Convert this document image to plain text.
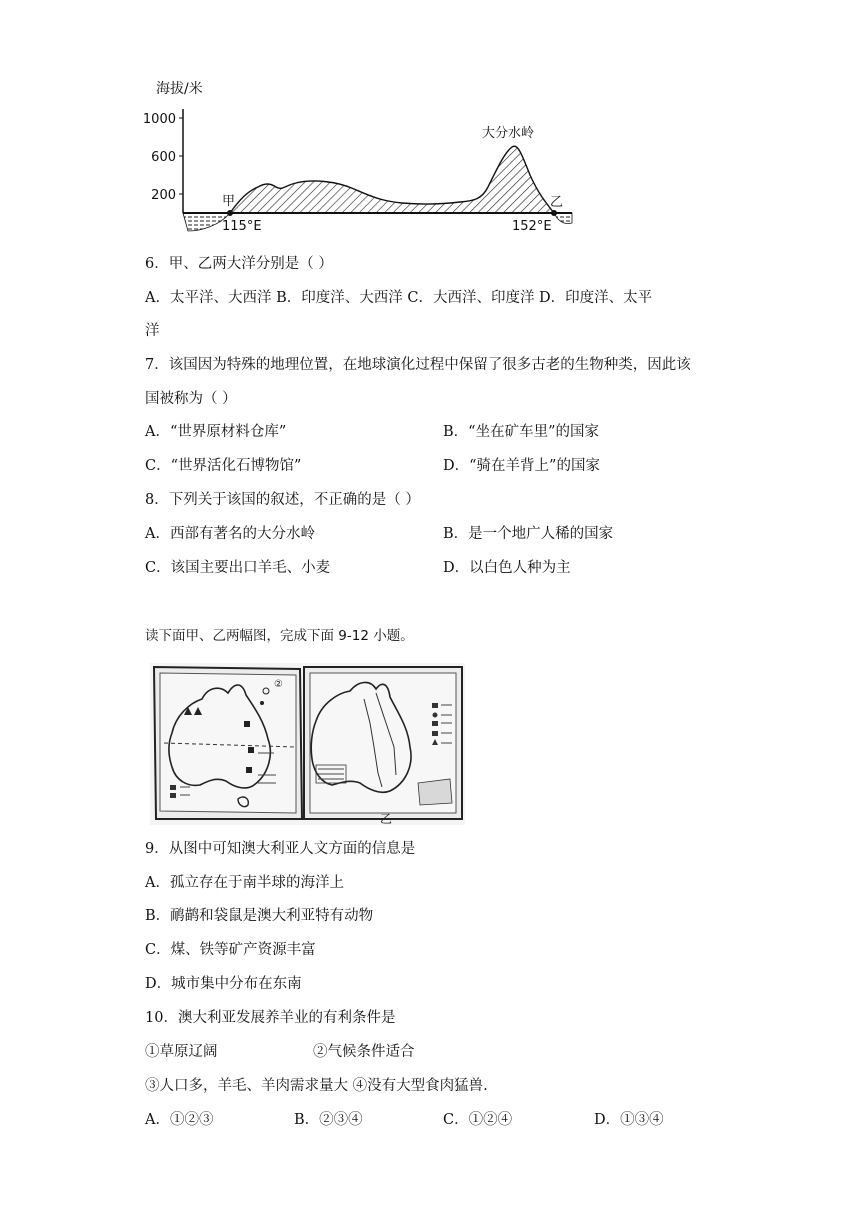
海拔/米
1000
600
200	甲	乙
大分水岭
115°E	152°E
6．甲、乙两大洋分别是（ ）
A．太平洋、大西洋 B．印度洋、大西洋 C．大西洋、印度洋 D．印度洋、太平
洋
7．该国因为特殊的地理位置，在地球演化过程中保留了很多古老的生物种类，因此该
国被称为（ ）
A．“世界原材料仓库”	B．“坐在矿车里”的国家
C．“世界活化石博物馆”	D．“骑在羊背上”的国家
8．下列关于该国的叙述，不正确的是（ ）
A．西部有著名的大分水岭	B．是一个地广人稀的国家
C．该国主要出口羊毛、小麦	D．以白色人种为主
读下面甲、乙两幅图，完成下面 9-12 小题。
②
乙
9．从图中可知澳大利亚人文方面的信息是
A．孤立存在于南半球的海洋上
B．鸸鹋和袋鼠是澳大利亚特有动物
C．煤、铁等矿产资源丰富
D．城市集中分布在东南
10．澳大利亚发展养羊业的有利条件是
①草原辽阔	②气候条件适合
③人口多，羊毛、羊肉需求量大 ④没有大型食肉猛兽.
A．①②③	B．②③④	C．①②④	D．①③④
